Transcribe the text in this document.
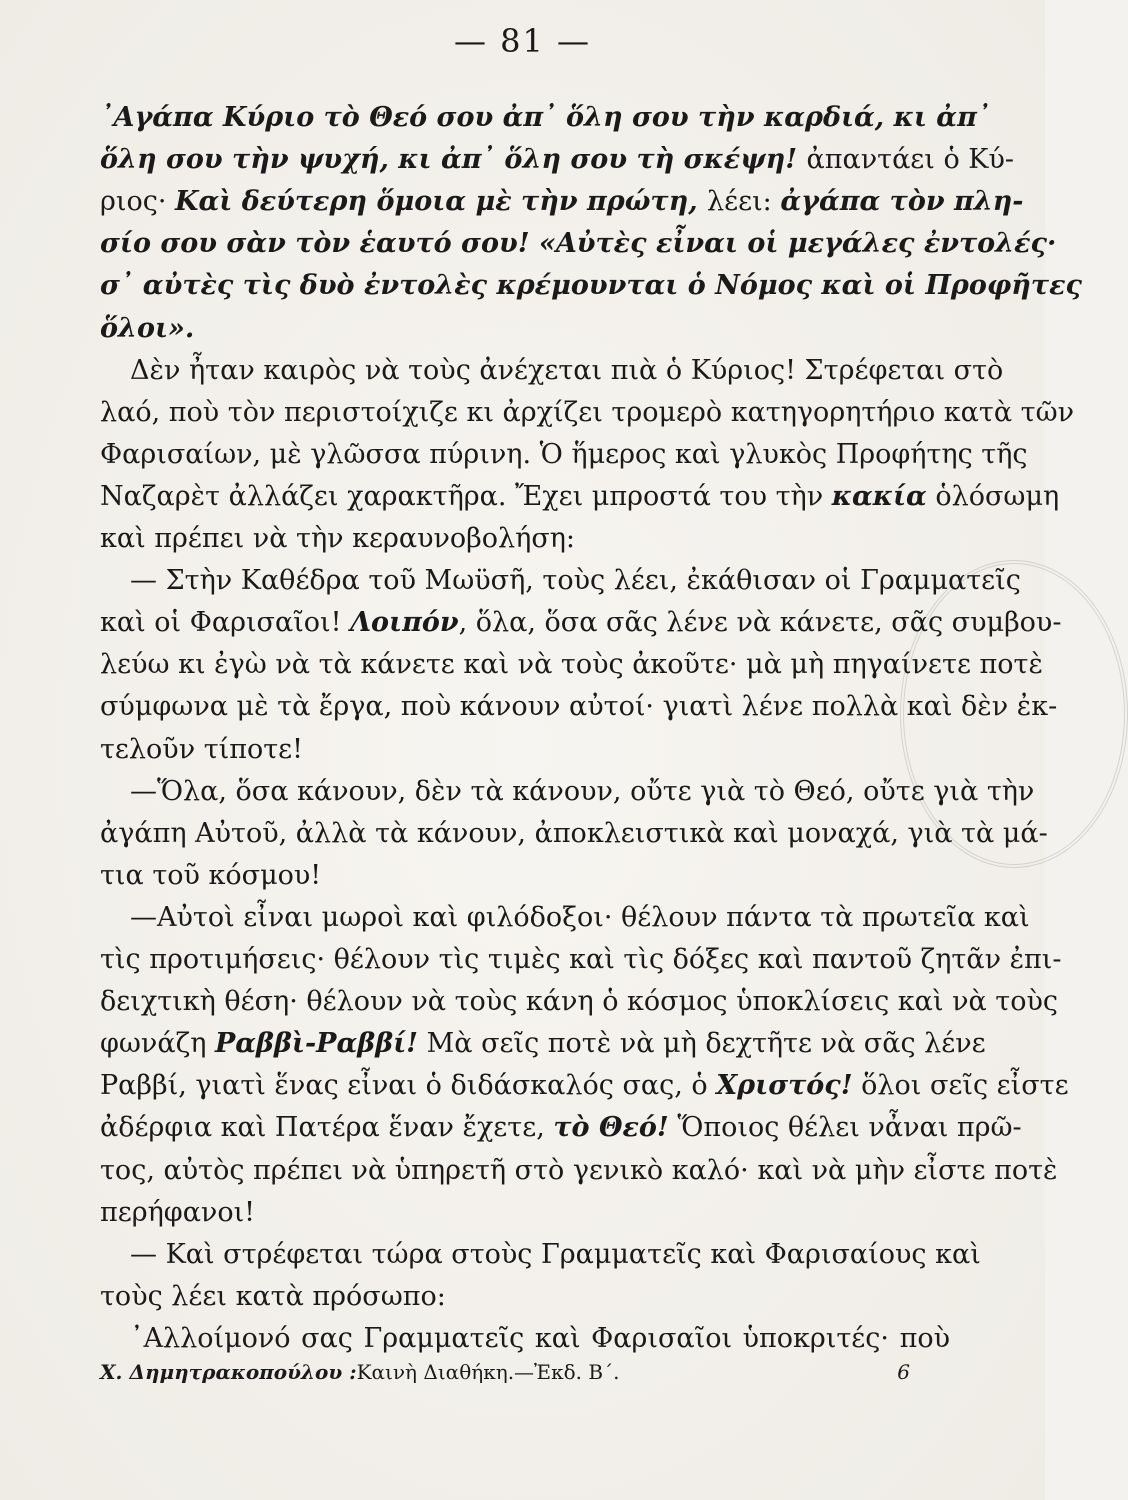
— 81 —
᾿Αγάπα Κύριο τὸ Θεό σου ἀπ᾿ ὅλη σου τὴν καρδιά, κι ἀπ᾿
ὅλη σου τὴν ψυχή, κι ἀπ᾿ ὅλη σου τὴ σκέψη! ἀπαντάει ὁ Κύ-
ριος· Καὶ δεύτερη ὅμοια μὲ τὴν πρώτη, λέει: ἀγάπα τὸν πλη-
σίο σου σὰν τὸν ἑαυτό σου! «Αὐτὲς εἶναι οἱ μεγάλες ἐντολές·
σ᾿ αὐτὲς τὶς δυὸ ἐντολὲς κρέμουνται ὁ Νόμος καὶ οἱ Προφῆτες
ὅλοι».
Δὲν ἦταν καιρὸς νὰ τοὺς ἀνέχεται πιὰ ὁ Κύριος! Στρέφεται στὸ
λαό, ποὺ τὸν περιστοίχιζε κι ἀρχίζει τρομερὸ κατηγορητήριο κατὰ τῶν
Φαρισαίων, μὲ γλῶσσα πύρινη. Ὁ ἥμερος καὶ γλυκὸς Προφήτης τῆς
Ναζαρὲτ ἀλλάζει χαρακτῆρα. Ἔχει μπροστά του τὴν κακία ὁλόσωμη
καὶ πρέπει νὰ τὴν κεραυνοβολήση:
— Στὴν Καθέδρα τοῦ Μωϋσῆ, τοὺς λέει, ἐκάθισαν οἱ Γραμματεῖς
καὶ οἱ Φαρισαῖοι! Λοιπόν, ὅλα, ὅσα σᾶς λένε νὰ κάνετε, σᾶς συμβου-
λεύω κι ἐγὼ νὰ τὰ κάνετε καὶ νὰ τοὺς ἀκοῦτε· μὰ μὴ πηγαίνετε ποτὲ
σύμφωνα μὲ τὰ ἔργα, ποὺ κάνουν αὐτοί· γιατὶ λένε πολλὰ καὶ δὲν ἐκ-
τελοῦν τίποτε!
—Ὅλα, ὅσα κάνουν, δὲν τὰ κάνουν, οὔτε γιὰ τὸ Θεό, οὔτε γιὰ τὴν
ἀγάπη Αὐτοῦ, ἀλλὰ τὰ κάνουν, ἀποκλειστικὰ καὶ μοναχά, γιὰ τὰ μά-
τια τοῦ κόσμου!
—Αὐτοὶ εἶναι μωροὶ καὶ φιλόδοξοι· θέλουν πάντα τὰ πρωτεῖα καὶ
τὶς προτιμήσεις· θέλουν τὶς τιμὲς καὶ τὶς δόξες καὶ παντοῦ ζητᾶν ἐπι-
δειχτικὴ θέση· θέλουν νὰ τοὺς κάνη ὁ κόσμος ὑποκλίσεις καὶ νὰ τοὺς
φωνάζη Ραββὶ-Ραββί! Μὰ σεῖς ποτὲ νὰ μὴ δεχτῆτε νὰ σᾶς λένε
Ραββί, γιατὶ ἕνας εἶναι ὁ διδάσκαλός σας, ὁ Χριστός! ὅλοι σεῖς εἶστε
ἀδέρφια καὶ Πατέρα ἕναν ἔχετε, τὸ Θεό! Ὅποιος θέλει νἆναι πρῶ-
τος, αὐτὸς πρέπει νὰ ὑπηρετῆ στὸ γενικὸ καλό· καὶ νὰ μὴν εἶστε ποτὲ
περήφανοι!
— Καὶ στρέφεται τώρα στοὺς Γραμματεῖς καὶ Φαρισαίους καὶ
τοὺς λέει κατὰ πρόσωπο:
᾿Αλλοίμονό σας Γραμματεῖς καὶ Φαρισαῖοι ὑποκριτές· ποὺ
Χ. Δημητρακοπούλου :Καινὴ Διαθήκη.—Ἐκδ. Β΄.	6
